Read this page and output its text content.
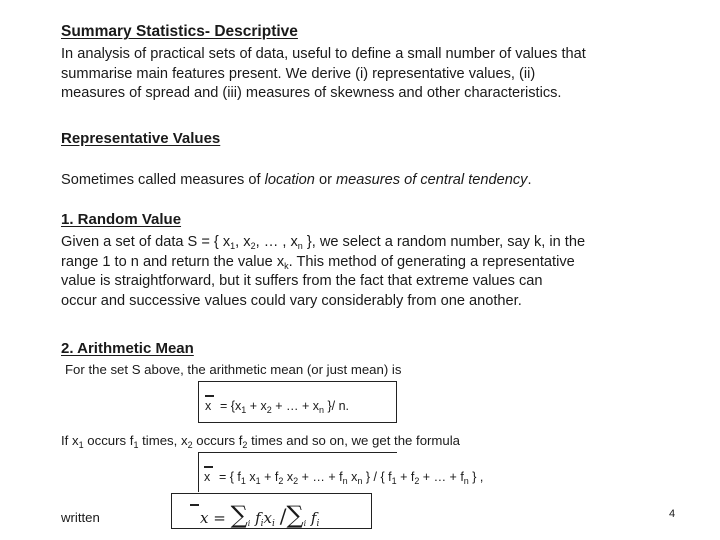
Summary Statistics- Descriptive
In analysis of practical sets of data, useful to define a small number of values that
summarise main features present. We derive (i) representative values, (ii)
measures of spread and (iii) measures of skewness and other characteristics.
Representative Values
Sometimes called measures of location or measures of central tendency.
1. Random Value
Given a set of data S = { $x_1$, $x_2$, … , $x_n$ }, we select a random number, say k, in the
range 1 to n and return the value $x_k$. This method of generating a representative
value is straightforward, but it suffers from the fact that extreme values can
occur and successive values could vary considerably from one another.
2. Arithmetic Mean
For the set S above, the arithmetic mean (or just mean) is
$x = \{x_1 + x_2$ + … + $x_n$ }/ n.
If $x_1$ occurs $f_1$ times, $x_2$ occurs $f_2$ times and so on, we get the formula
x = { $f_1$ $x_1 + f_2$ $x_2$ + … + $f_n$ $x_n$ } / { $f_1 + f_2$ + … + $f_n$ } ,
written	$x = \sum_i$ $f_ix_i$ $/\sum_i$ $f_i$
4
